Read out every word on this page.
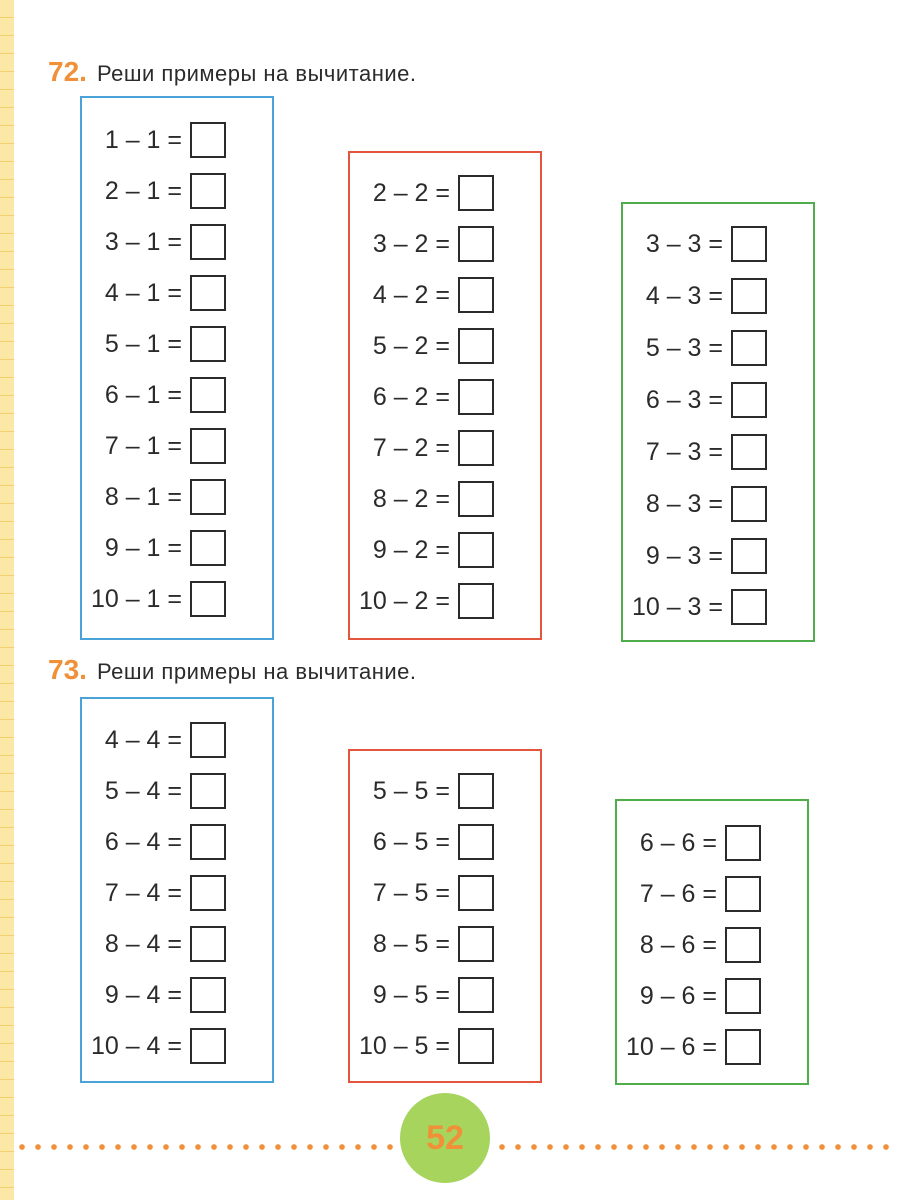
72. Реши примеры на вычитание.
73. Реши примеры на вычитание.
1 – 1 =
2 – 1 =
3 – 1 =
4 – 1 =
5 – 1 =
6 – 1 =
7 – 1 =
8 – 1 =
9 – 1 =
10 – 1 =
2 – 2 =
3 – 2 =
4 – 2 =
5 – 2 =
6 – 2 =
7 – 2 =
8 – 2 =
9 – 2 =
10 – 2 =
3 – 3 =
4 – 3 =
5 – 3 =
6 – 3 =
7 – 3 =
8 – 3 =
9 – 3 =
10 – 3 =
4 – 4 =
5 – 4 =
6 – 4 =
7 – 4 =
8 – 4 =
9 – 4 =
10 – 4 =
5 – 5 =
6 – 5 =
7 – 5 =
8 – 5 =
9 – 5 =
10 – 5 =
6 – 6 =
7 – 6 =
8 – 6 =
9 – 6 =
10 – 6 =
52
